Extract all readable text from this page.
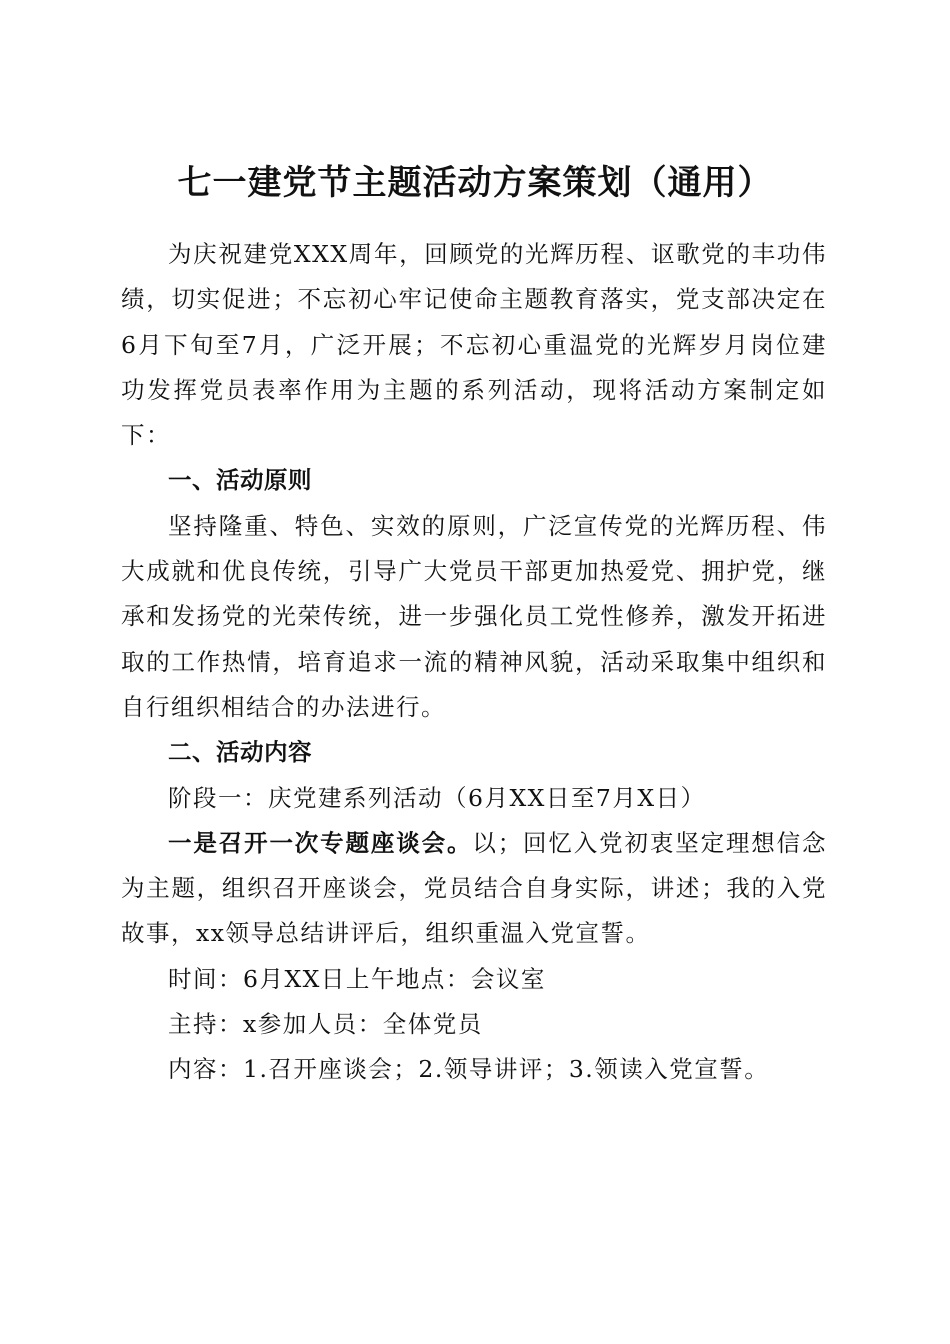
七一建党节主题活动方案策划（通用）

为庆祝建党XXX周年，回顾党的光辉历程、讴歌党的丰功伟绩，切实促进；不忘初心牢记使命主题教育落实，党支部决定在6月下旬至7月，广泛开展；不忘初心重温党的光辉岁月岗位建功发挥党员表率作用为主题的系列活动，现将活动方案制定如下：

一、活动原则

坚持隆重、特色、实效的原则，广泛宣传党的光辉历程、伟大成就和优良传统，引导广大党员干部更加热爱党、拥护党，继承和发扬党的光荣传统，进一步强化员工党性修养，激发开拓进取的工作热情，培育追求一流的精神风貌，活动采取集中组织和自行组织相结合的办法进行。

二、活动内容

阶段一：庆党建系列活动（6月XX日至7月X日）

一是召开一次专题座谈会。以；回忆入党初衷坚定理想信念为主题，组织召开座谈会，党员结合自身实际，讲述；我的入党故事，xx领导总结讲评后，组织重温入党宣誓。

时间：6月XX日上午地点：会议室

主持：x参加人员：全体党员

内容：1.召开座谈会；2.领导讲评；3.领读入党宣誓。
